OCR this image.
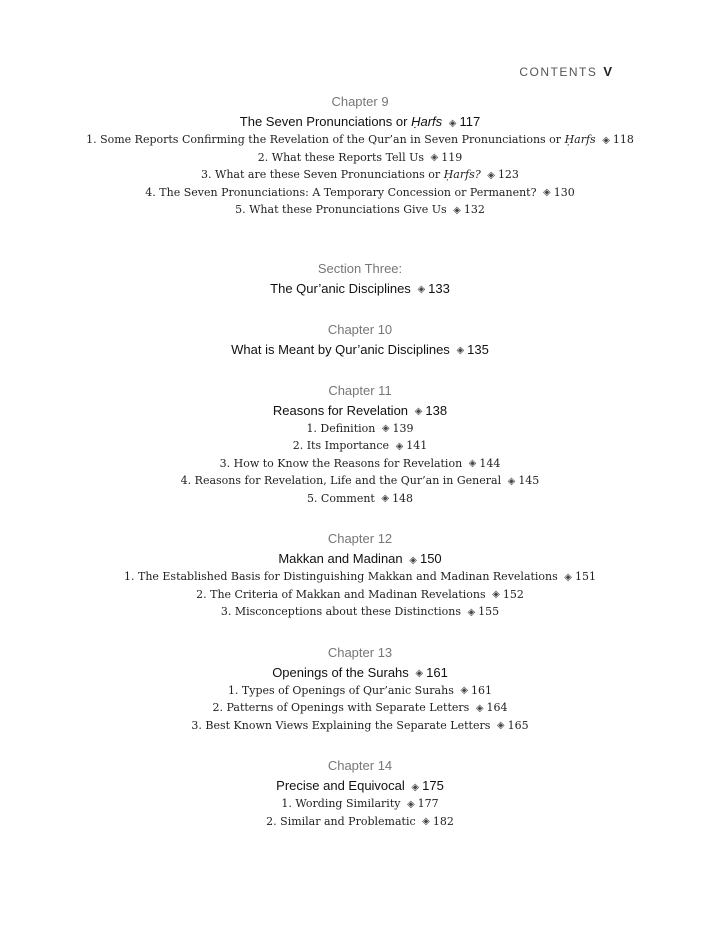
CONTENTS V
Chapter 9
The Seven Pronunciations or Ḥarfs ◈ 117
1. Some Reports Confirming the Revelation of the Qur’an in Seven Pronunciations or Ḥarfs ◈ 118
2. What these Reports Tell Us ◈ 119
3. What are these Seven Pronunciations or Ḥarfs? ◈ 123
4. The Seven Pronunciations: A Temporary Concession or Permanent? ◈ 130
5. What these Pronunciations Give Us ◈ 132
Section Three:
The Qur’anic Disciplines ◈ 133
Chapter 10
What is Meant by Qur’anic Disciplines ◈ 135
Chapter 11
Reasons for Revelation ◈ 138
1. Definition ◈ 139
2. Its Importance ◈ 141
3. How to Know the Reasons for Revelation ◈ 144
4. Reasons for Revelation, Life and the Qur’an in General ◈ 145
5. Comment ◈ 148
Chapter 12
Makkan and Madinan ◈ 150
1. The Established Basis for Distinguishing Makkan and Madinan Revelations ◈ 151
2. The Criteria of Makkan and Madinan Revelations ◈ 152
3. Misconceptions about these Distinctions ◈ 155
Chapter 13
Openings of the Surahs ◈ 161
1. Types of Openings of Qur’anic Surahs ◈ 161
2. Patterns of Openings with Separate Letters ◈ 164
3. Best Known Views Explaining the Separate Letters ◈ 165
Chapter 14
Precise and Equivocal ◈ 175
1. Wording Similarity ◈ 177
2. Similar and Problematic ◈ 182
